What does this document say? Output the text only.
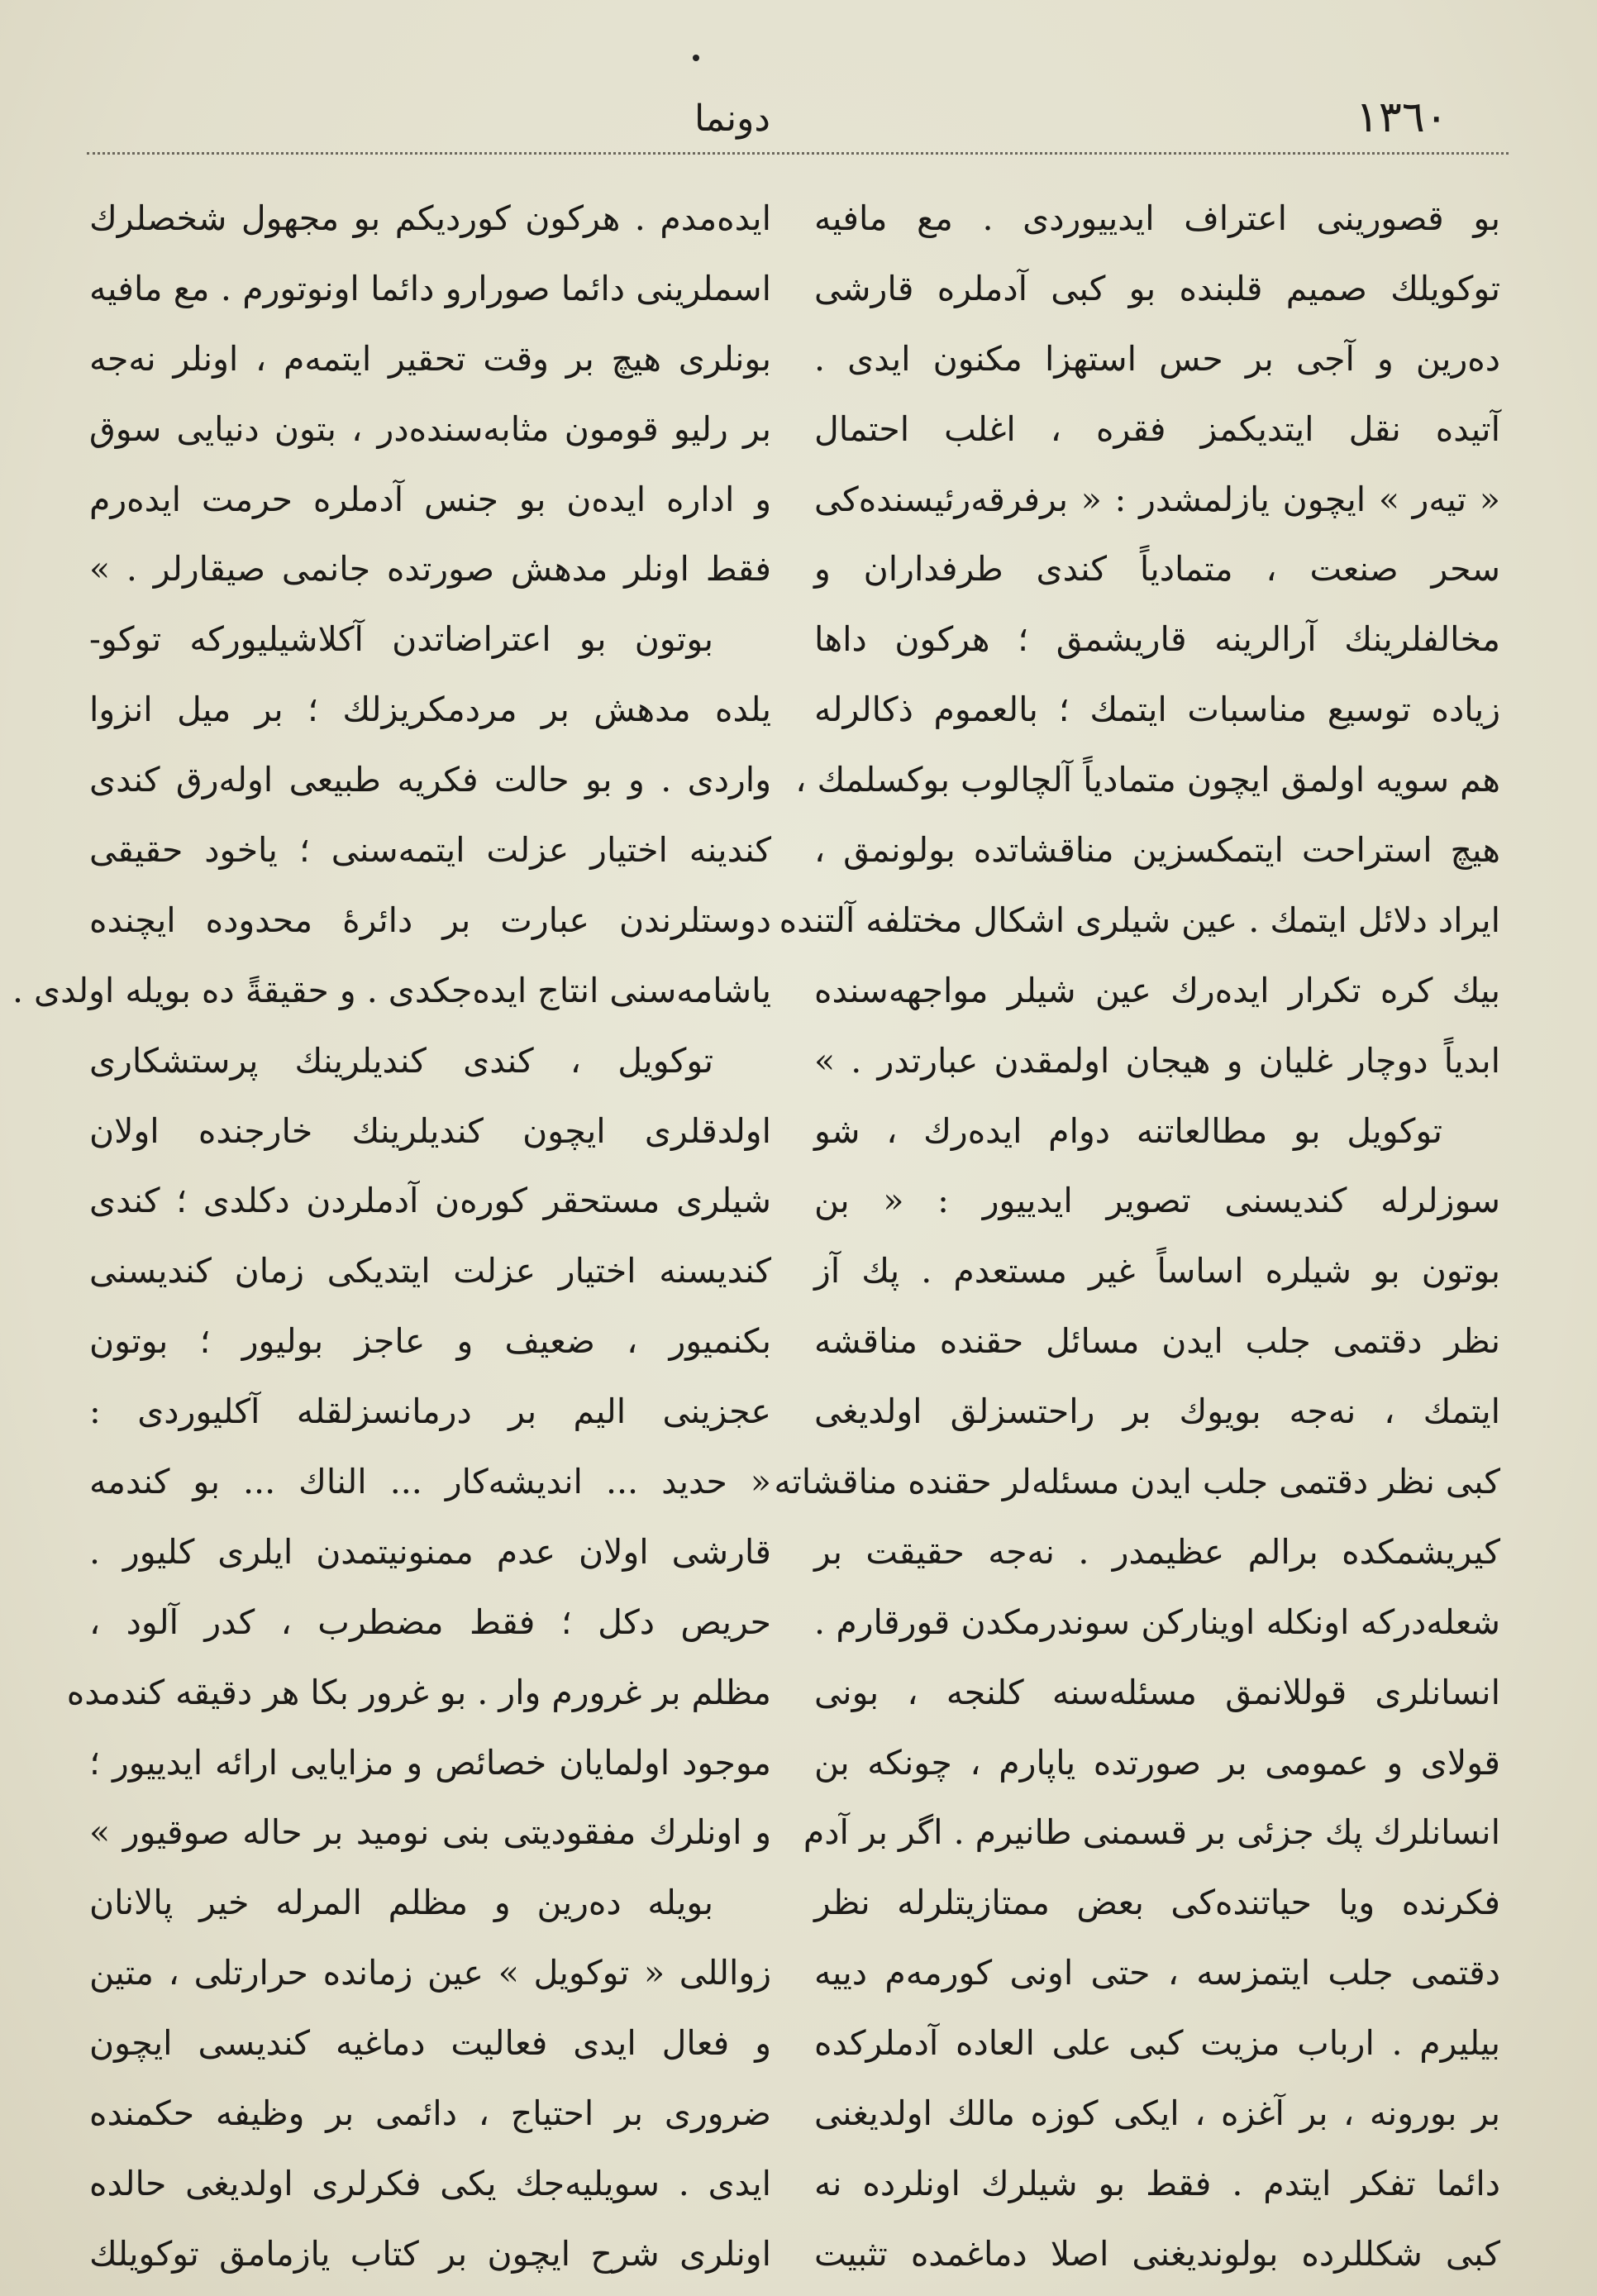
دونما	١٣٦٠
بو قصورینی اعتراف ایدییوردی . مع مافیه
توکویلك صمیم قلبنده بو کبی آدملره قارشی
دەرین و آجی بر حس استهزا مکنون ایدی .
آتیده نقل ایتدیکمز فقره ، اغلب احتمال
« تیەر » ایچون یازلمشدر : « برفرقه‌رئیسنده‌کی
سحر صنعت ، متمادیاً کندی طرفداران و
مخالفلرینك آرالرینه قاریشمق ؛ هرکون داها
زیاده توسیع مناسبات ایتمك ؛ بالعموم ذکالرله
هم سویه اولمق ایچون متمادیاً آلچالوب بوکسلمك ،
هیچ استراحت ایتمکسزین مناقشاتده بولونمق ،
ایراد دلائل ایتمك . عین شیلری اشکال مختلفه آلتنده
بیك کره تکرار ایدەرك عین شیلر مواجهه‌سنده
ابدیاً دوچار غلیان و هیجان اولمقدن عبارتدر . »
توکویل بو مطالعاتنه دوام ایدەرك ، شو
سوزلرله کندیسنی تصویر ایدییور : « بن
بوتون بو شیلره اساساً غیر مستعدم . پك آز
نظر دقتمی جلب ایدن مسائل حقنده مناقشه
ایتمك ، نه‌جه بویوك بر راحتسزلق اولدیغی
کبی نظر دقتمی جلب ایدن مسئله‌لر حقنده مناقشاته
کیریشمکده برالم عظیمدر . نه‌جه حقیقت بر
شعله‌درکه اونکله اوینارکن سوندرمکدن قورقارم .
انسانلری قوللانمق مسئله‌سنه کلنجه ، بونی
قولای و عمومی بر صورتده یاپارم ، چونکه بن
انسانلرك پك جزئی بر قسمنی طانیرم . اگر بر آدم
فکرنده ویا حیاتنده‌کی بعض ممتازیتلرله نظر
دقتمی جلب ایتمزسه ، حتی اونی کورمەم دییه
بیلیرم . ارباب مزیت کبی علی العاده آدملرکده
بر بورونه ، بر آغزه ، ایکی کوزه مالك اولدیغنی
دائما تفکر ایتدم . فقط بو شیلرك اونلرده نه
کبی شکللرده بولوندیغنی اصلا دماغمده تثبیت
ایده‌مدم . هرکون کوردیکم بو مجهول شخصلرك
اسملرینی دائما صورارو دائما اونوتورم . مع مافیه
بونلری هیچ بر وقت تحقیر ایتمەم ، اونلر نه‌جه
بر رلیو قومون مثابه‌سنده‌در ، بتون دنیایی سوق
و اداره ایدەن بو جنس آدملره حرمت ایدەرم
فقط اونلر مدهش صورتده جانمی صیقارلر . »
بوتون بو اعتراضاتدن آکلاشیلیورکه توکو-
یلده مدهش بر مردمکریزلك ؛ بر میل انزوا
واردی . و بو حالت فکریه طبیعی اولەرق کندی
کندینه اختیار عزلت ایتمه‌سنی ؛ یاخود حقیقی
دوستلرندن عبارت بر دائرۀ محدوده ایچنده
یاشامه‌سنی انتاج ایده‌جکدی . و حقیقةً ده بویله اولدی .
توکویل ، کندی کندیلرینك پرستشکاری
اولدقلری ایچون کندیلرینك خارجنده اولان
شیلری مستحقر کورەن آدملردن دکلدی ؛ کندی
کندیسنه اختیار عزلت ایتدیکی زمان کندیسنی
بکنمیور ، ضعیف و عاجز بولیور ؛ بوتون
عجزینی الیم بر درمانسزلقله آکلیوردی :
« حدید ... اندیشه‌کار ... الناك ... بو کندمه
قارشی اولان عدم ممنونیتمدن ایلری کلیور .
حریص دکل ؛ فقط مضطرب ، کدر آلود ،
مظلم بر غرورم وار . بو غرور بکا هر دقیقه کندمده
موجود اولمایان خصائص و مزایایی ارائه ایدییور ؛
و اونلرك مفقودیتی بنی نومید بر حاله صوقیور »
بویله دەرین و مظلم المرله خیر پالانان
زواللی « توکویل » عین زمانده حرارتلی ، متین
و فعال ایدی فعالیت دماغیه کندیسی ایچون
ضروری بر احتیاج ، دائمی بر وظیفه حکمنده
ایدی . سویلیه‌جك یکی فکرلری اولدیغی حالده
اونلری شرح ایچون بر کتاب یازمامق توکویلك
